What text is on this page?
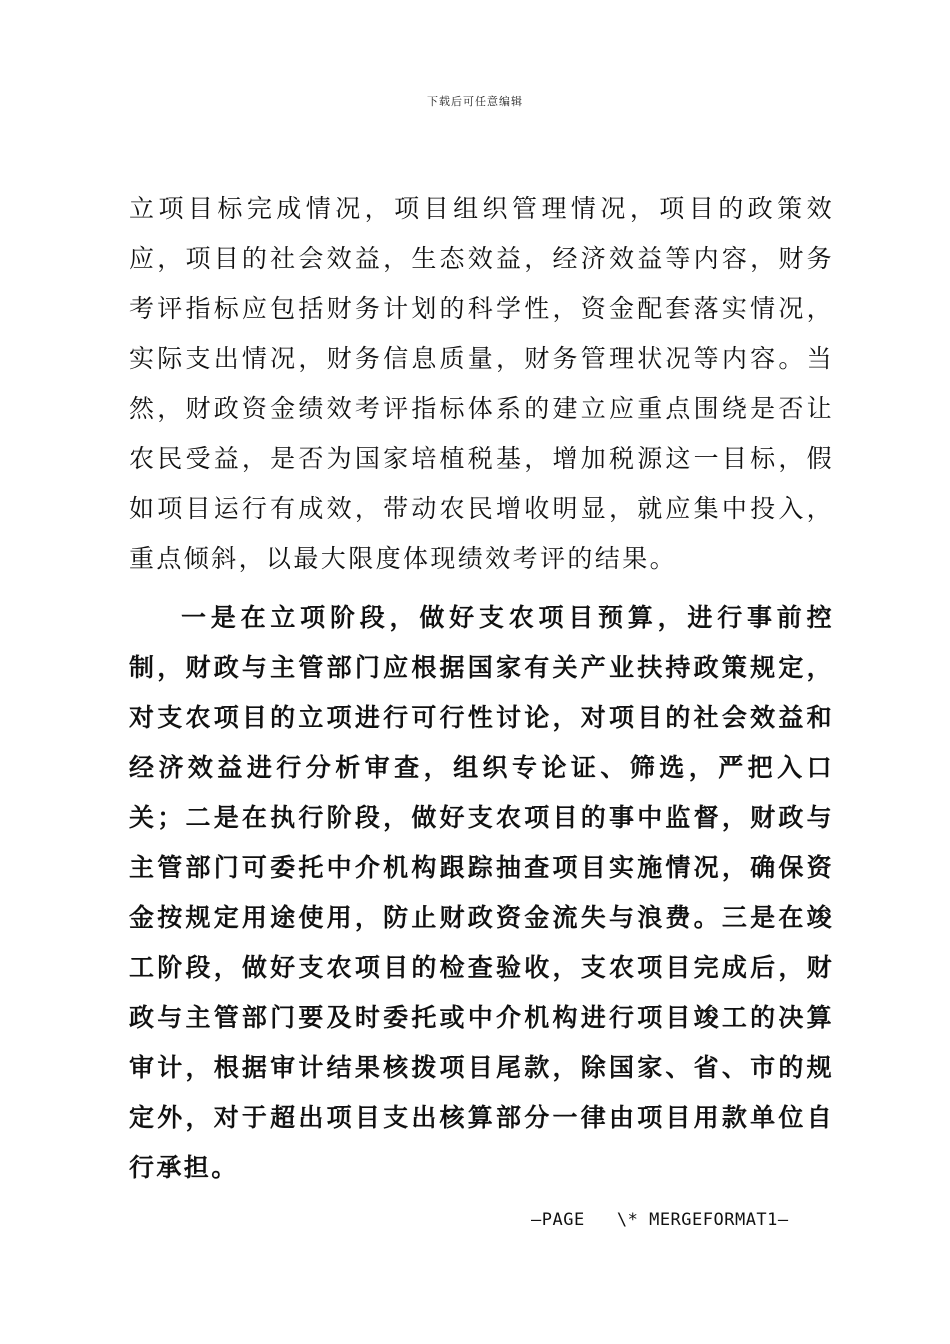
下载后可任意编辑

立项目标完成情况，项目组织管理情况，项目的政策效应，项目的社会效益，生态效益，经济效益等内容，财务考评指标应包括财务计划的科学性，资金配套落实情况，实际支出情况，财务信息质量，财务管理状况等内容。当然，财政资金绩效考评指标体系的建立应重点围绕是否让农民受益，是否为国家培植税基，增加税源这一目标，假如项目运行有成效，带动农民增收明显，就应集中投入，重点倾斜，以最大限度体现绩效考评的结果。

一是在立项阶段，做好支农项目预算，进行事前控制，财政与主管部门应根据国家有关产业扶持政策规定，对支农项目的立项进行可行性讨论，对项目的社会效益和经济效益进行分析审查，组织专论证、筛选，严把入口关；二是在执行阶段，做好支农项目的事中监督，财政与主管部门可委托中介机构跟踪抽查项目实施情况，确保资金按规定用途使用，防止财政资金流失与浪费。三是在竣工阶段，做好支农项目的检查验收，支农项目完成后，财政与主管部门要及时委托或中介机构进行项目竣工的决算审计，根据审计结果核拨项目尾款，除国家、省、市的规定外，对于超出项目支出核算部分一律由项目用款单位自行承担。

—PAGE   \* MERGEFORMAT1—
